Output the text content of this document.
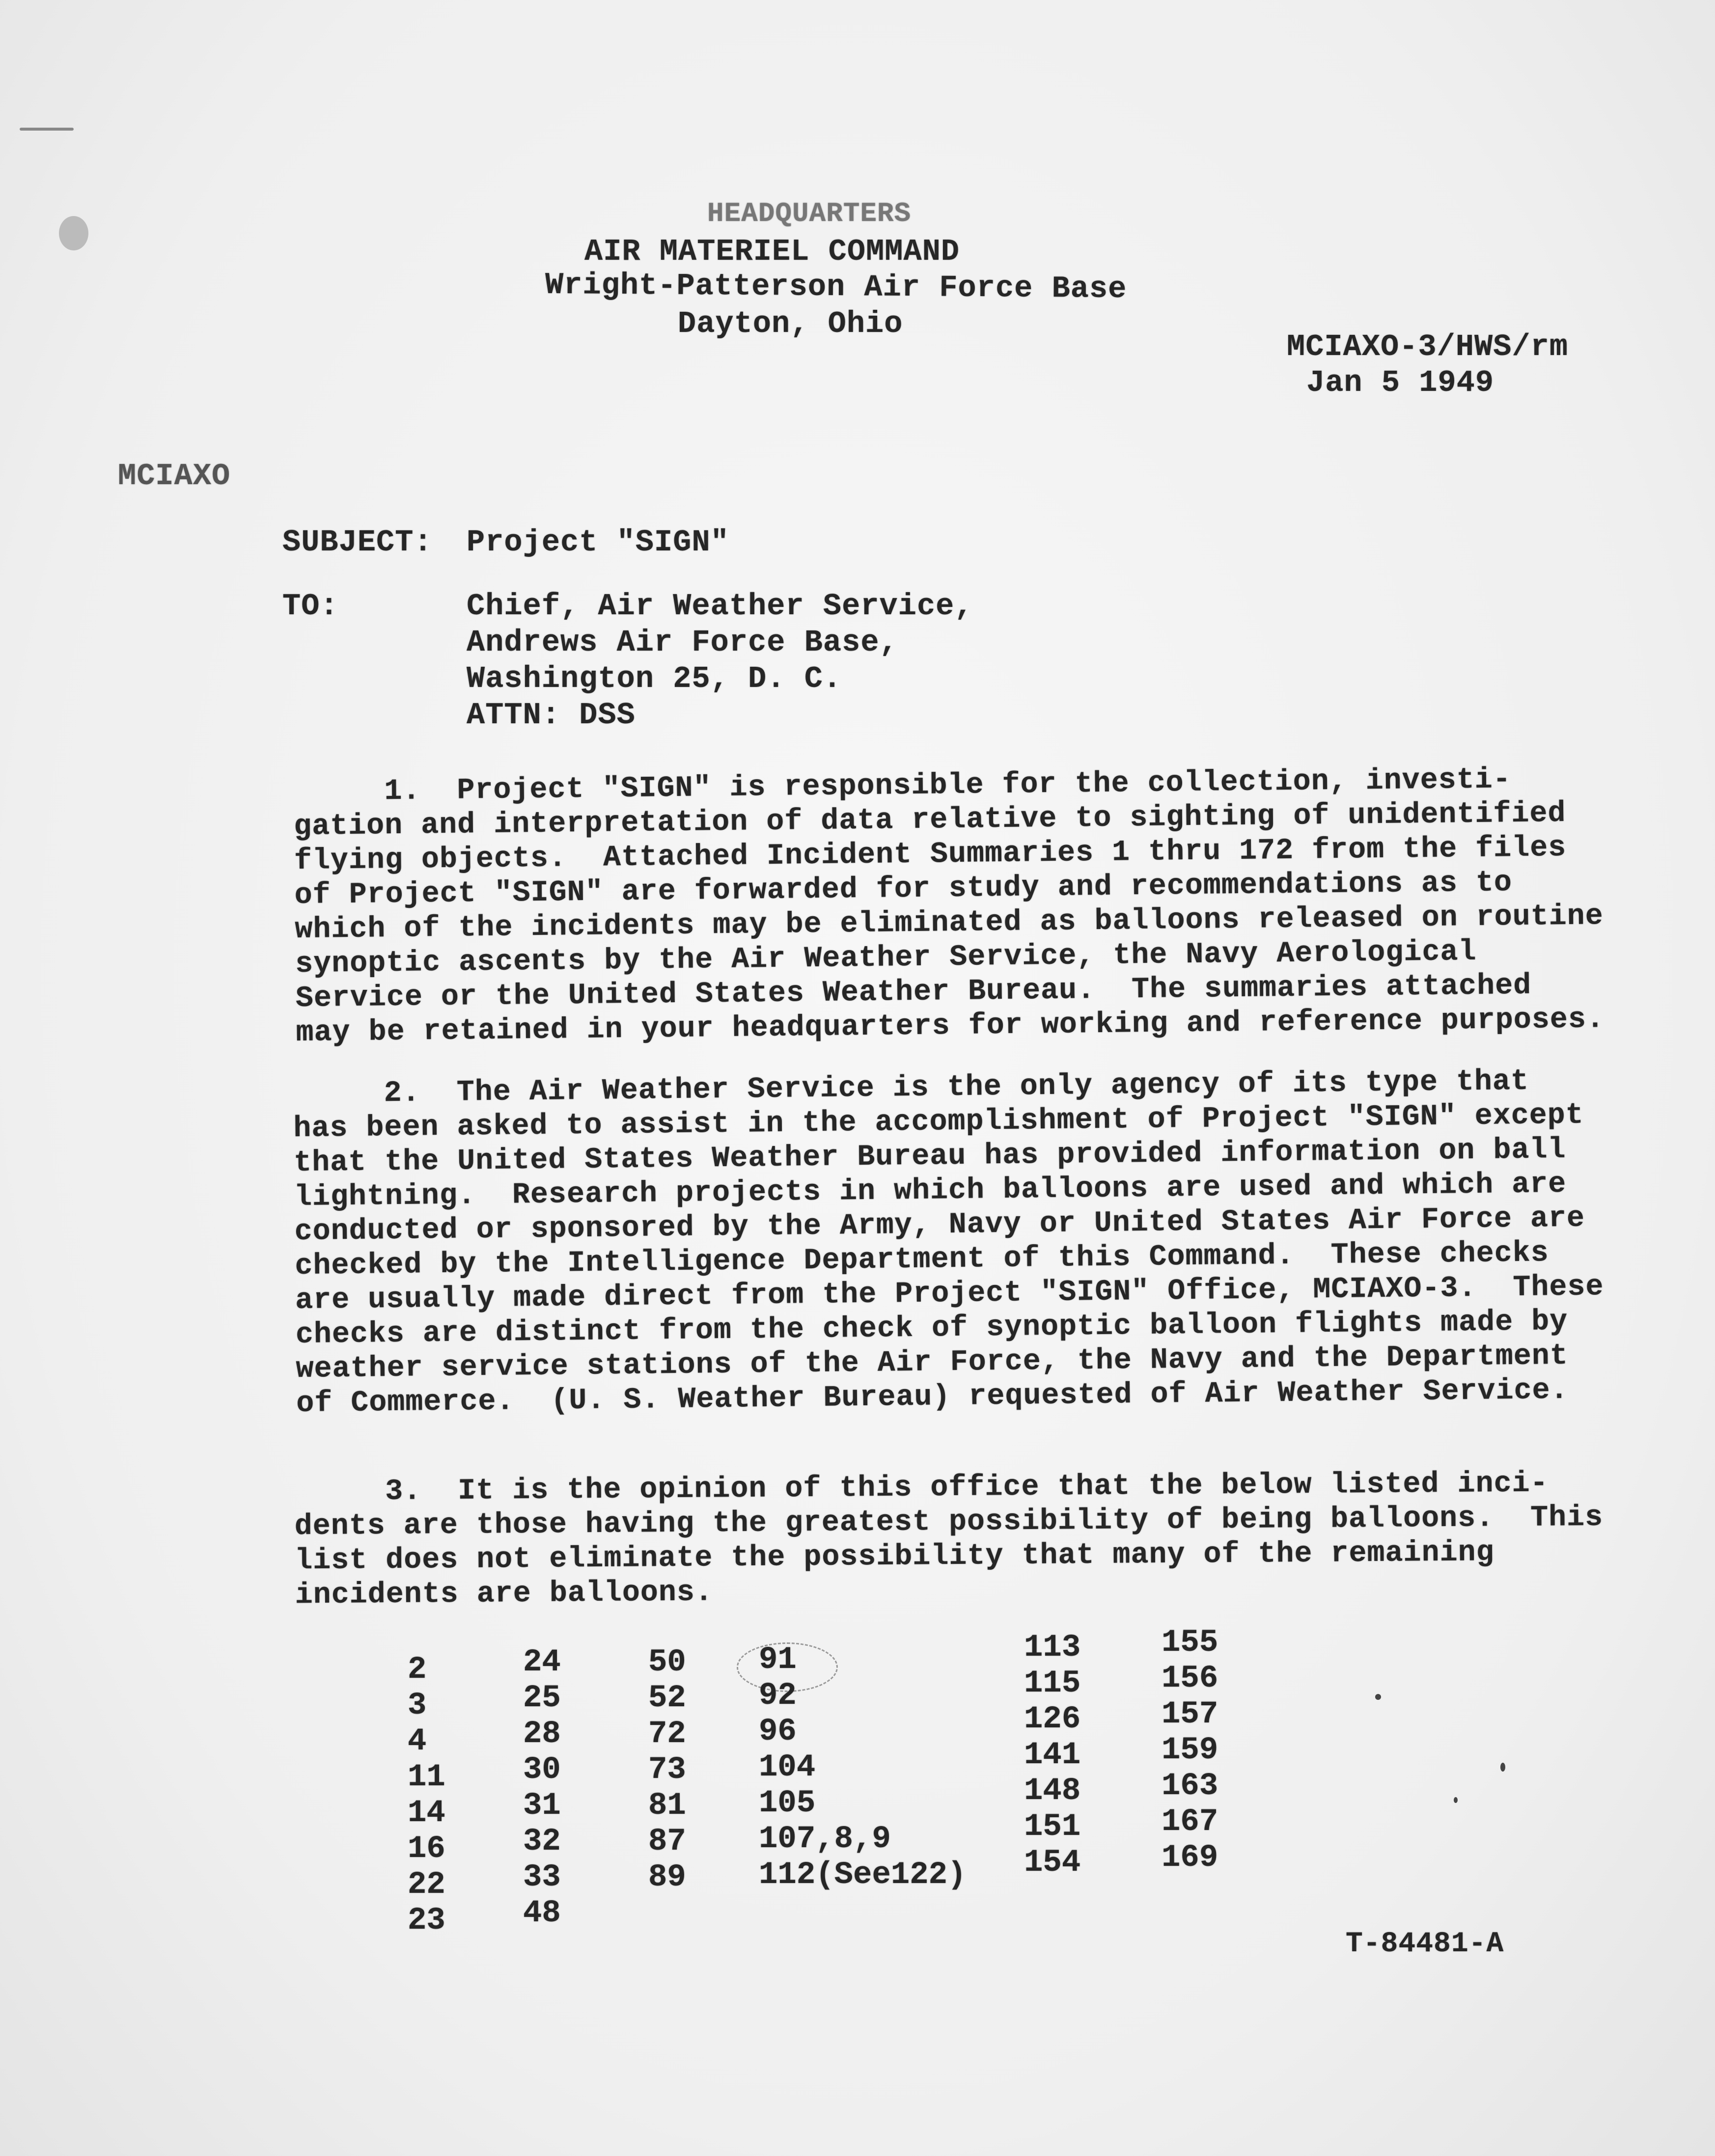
HEADQUARTERS
AIR MATERIEL COMMAND
Wright-Patterson Air Force Base
Dayton, Ohio
MCIAXO-3/HWS/rm
Jan 5 1949
MCIAXO
SUBJECT: Project "SIGN"
TO:	Chief, Air Weather Service,
Andrews Air Force Base,
Washington 25, D. C.
ATTN: DSS
1.  Project "SIGN" is responsible for the collection, investi-
gation and interpretation of data relative to sighting of unidentified
flying objects.  Attached Incident Summaries 1 thru 172 from the files
of Project "SIGN" are forwarded for study and recommendations as to
which of the incidents may be eliminated as balloons released on routine
synoptic ascents by the Air Weather Service, the Navy Aerological
Service or the United States Weather Bureau.  The summaries attached
may be retained in your headquarters for working and reference purposes.
2.  The Air Weather Service is the only agency of its type that
has been asked to assist in the accomplishment of Project "SIGN" except
that the United States Weather Bureau has provided information on ball
lightning.  Research projects in which balloons are used and which are
conducted or sponsored by the Army, Navy or United States Air Force are
checked by the Intelligence Department of this Command.  These checks
are usually made direct from the Project "SIGN" Office, MCIAXO-3.  These
checks are distinct from the check of synoptic balloon flights made by
weather service stations of the Air Force, the Navy and the Department
of Commerce.  (U. S. Weather Bureau) requested of Air Weather Service.
3.  It is the opinion of this office that the below listed inci-
dents are those having the greatest possibility of being balloons.  This
list does not eliminate the possibility that many of the remaining
incidents are balloons.
2
3
4
11
14
16
22
23
24
25
28
30
31
32
33
48
50
52
72
73
81
87
89
91
92
96
104
105
107,8,9
112(See122)
113
115
126
141
148
151
154
155
156
157
159
163
167
169
T-84481-A
